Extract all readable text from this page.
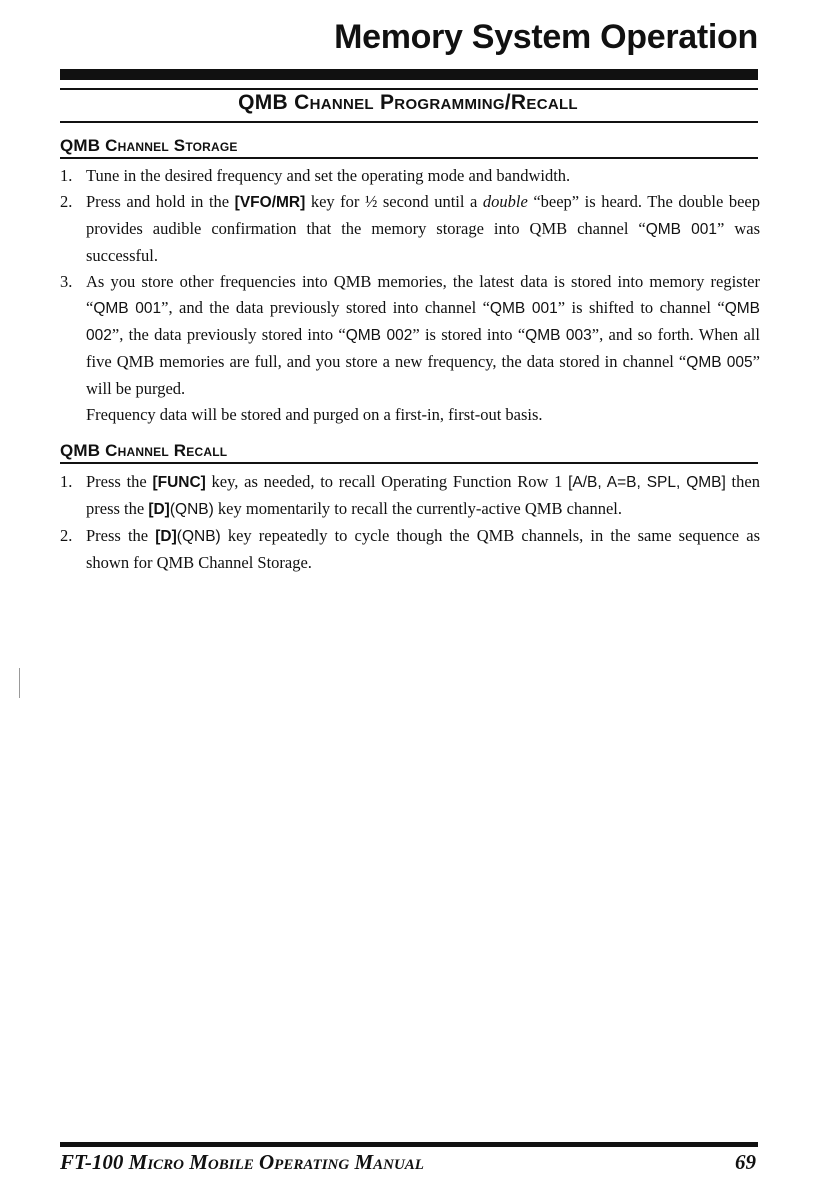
Memory System Operation
QMB Channel Programming/Recall
QMB Channel Storage
1. Tune in the desired frequency and set the operating mode and bandwidth.
2. Press and hold in the [VFO/MR] key for ½ second until a double “beep” is heard. The double beep provides audible confirmation that the memory storage into QMB channel “QMB 001” was successful.
3. As you store other frequencies into QMB memories, the latest data is stored into memory register “QMB 001”, and the data previously stored into channel “QMB 001” is shifted to channel “QMB 002”, the data previously stored into “QMB 002” is stored into “QMB 003”, and so forth. When all five QMB memories are full, and you store a new frequency, the data stored in channel “QMB 005” will be purged.
Frequency data will be stored and purged on a first-in, first-out basis.
QMB Channel Recall
1. Press the [FUNC] key, as needed, to recall Operating Function Row 1 [A/B, A=B, SPL, QMB] then press the [D](QNB) key momentarily to recall the currently-active QMB channel.
2. Press the [D](QNB) key repeatedly to cycle though the QMB channels, in the same sequence as shown for QMB Channel Storage.
FT-100 Micro Mobile Operating Manual	69
